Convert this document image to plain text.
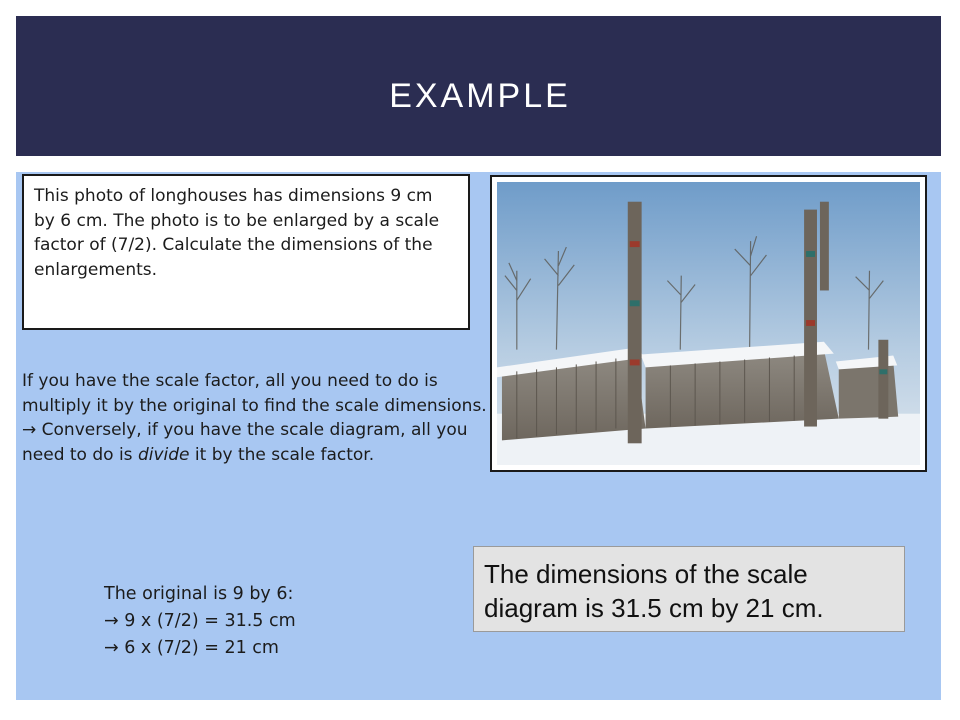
EXAMPLE
This photo of longhouses has dimensions 9 cm by 6 cm. The photo is to be enlarged by a scale factor of (7/2). Calculate the dimensions of the enlargements.

If you have the scale factor, all you need to do is multiply it by the original to find the scale dimensions.

→ Conversely, if you have the scale diagram, all you need to do is divide it by the scale factor.

The original is 9 by 6:
→ 9 x (7/2) = 31.5 cm
→ 6 x (7/2) = 21 cm
The dimensions of the scale diagram is 31.5 cm by 21 cm.
